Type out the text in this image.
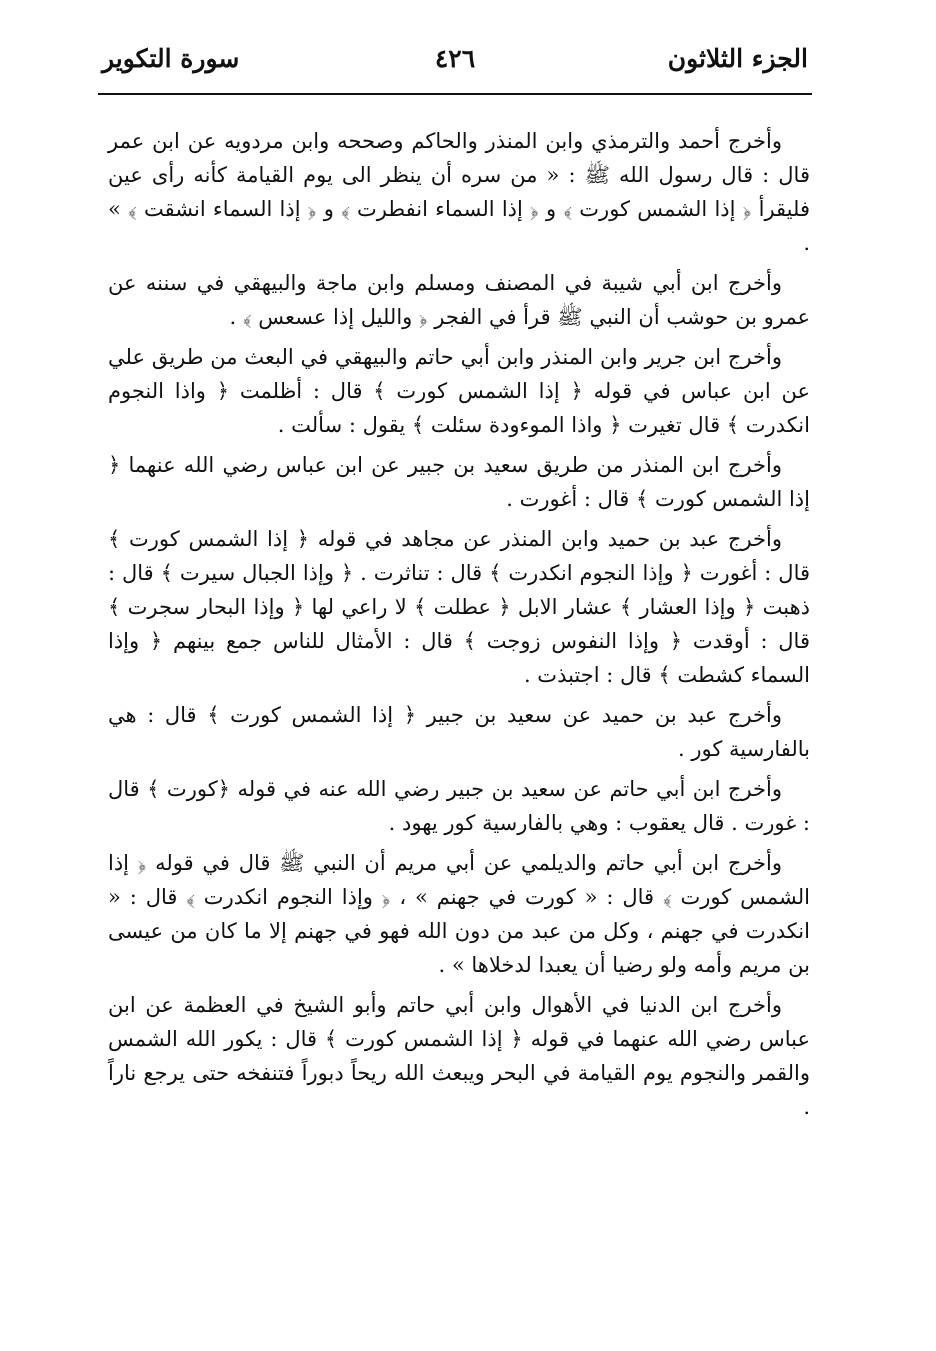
الجزء الثلاثون
٤٢٦
سورة التكوير

وأخرج أحمد والترمذي وابن المنذر والحاكم وصححه وابن مردويه عن ابن عمر قال : قال رسول الله ﷺ : « من سره أن ينظر الى يوم القيامة كأنه رأى عين فليقرأ ﴿ إذا الشمس كورت ﴾ و ﴿ إذا السماء انفطرت ﴾ و ﴿ إذا السماء انشقت ﴾ » .

وأخرج ابن أبي شيبة في المصنف ومسلم وابن ماجة والبيهقي في سننه عن عمرو بن حوشب أن النبي ﷺ قرأ في الفجر ﴿ والليل إذا عسعس ﴾ .

وأخرج ابن جرير وابن المنذر وابن أبي حاتم والبيهقي في البعث من طريق علي عن ابن عباس في قوله ﴿ إذا الشمس كورت ﴾ قال : أظلمت ﴿ واذا النجوم انكدرت ﴾ قال تغيرت ﴿ واذا الموءودة سئلت ﴾ يقول : سألت .

وأخرج ابن المنذر من طريق سعيد بن جبير عن ابن عباس رضي الله عنهما ﴿ إذا الشمس كورت ﴾ قال : أغورت .

وأخرج عبد بن حميد وابن المنذر عن مجاهد في قوله ﴿ إذا الشمس كورت ﴾ قال : أغورت ﴿ وإذا النجوم انكدرت ﴾ قال : تناثرت . ﴿ وإذا الجبال سيرت ﴾ قال : ذهبت ﴿ وإذا العشار ﴾ عشار الابل ﴿ عطلت ﴾ لا راعي لها ﴿ وإذا البحار سجرت ﴾ قال : أوقدت ﴿ وإذا النفوس زوجت ﴾ قال : الأمثال للناس جمع بينهم ﴿ وإذا السماء كشطت ﴾ قال : اجتبذت .

وأخرج عبد بن حميد عن سعيد بن جبير ﴿ إذا الشمس كورت ﴾ قال : هي بالفارسية كور .

وأخرج ابن أبي حاتم عن سعيد بن جبير رضي الله عنه في قوله ﴿كورت ﴾ قال : غورت . قال يعقوب : وهي بالفارسية كور يهود .

وأخرج ابن أبي حاتم والديلمي عن أبي مريم أن النبي ﷺ قال في قوله ﴿ إذا الشمس كورت ﴾ قال : « كورت في جهنم » ، ﴿ وإذا النجوم انكدرت ﴾ قال : « انكدرت في جهنم ، وكل من عبد من دون الله فهو في جهنم إلا ما كان من عيسى بن مريم وأمه ولو رضيا أن يعبدا لدخلاها » .

وأخرج ابن الدنيا في الأهوال وابن أبي حاتم وأبو الشيخ في العظمة عن ابن عباس رضي الله عنهما في قوله ﴿ إذا الشمس كورت ﴾ قال : يكور الله الشمس والقمر والنجوم يوم القيامة في البحر ويبعث الله ريحاً دبوراً فتنفخه حتى يرجع ناراً .
